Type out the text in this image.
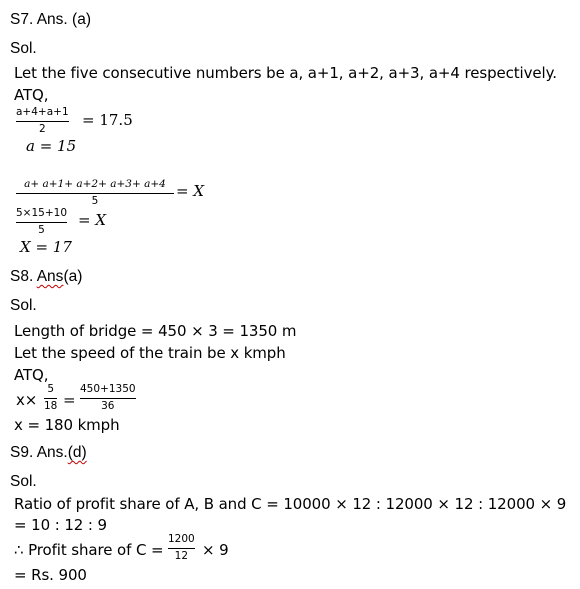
S7. Ans. (a)
Sol.
Let the five consecutive numbers be a, a+1, a+2, a+3, a+4 respectively.
ATQ,
a+4+a+1
2 = 17.5
a = 15
a+ a+1+ a+2+ a+3+ a+4
5
= X
5×15+10
5
= X
X = 17
S8. Ans(a)
Sol.
Length of bridge = 450 × 3 = 1350 m
Let the speed of the train be x kmph
ATQ,
x×
5
18 =
450+1350
36
x = 180 kmph
S9. Ans.(d)
Sol.
Ratio of profit share of A, B and C = 10000 × 12 : 12000 × 12 : 12000 × 9
= 10 : 12 : 9
∴ Profit share of C =
1200
12 × 9
= Rs. 900
